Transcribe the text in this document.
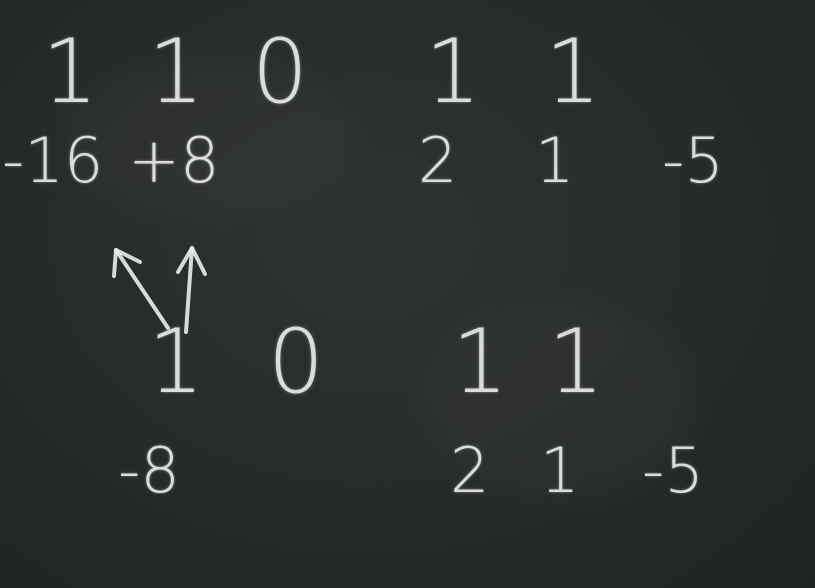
1 1 0 1 1
-16 +8	2 1 -5
1 0 1 1
-8	2 1 -5
